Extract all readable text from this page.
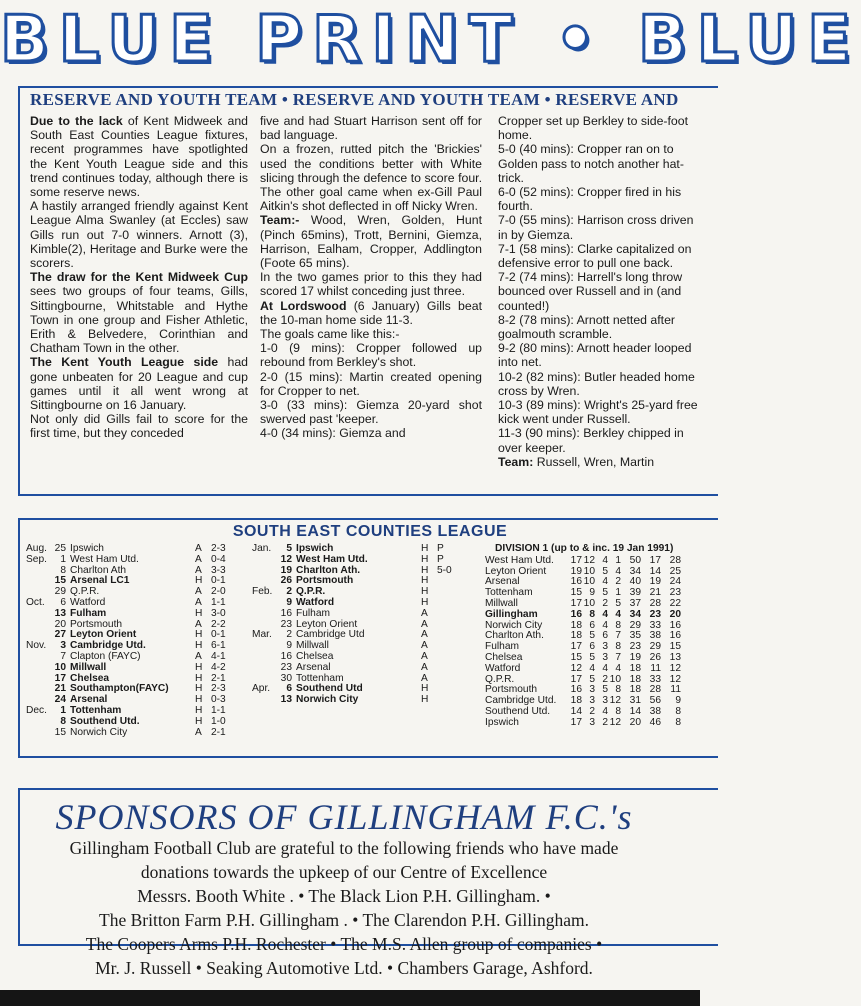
BLUE PRINT • BLUE
RESERVE AND YOUTH TEAM • RESERVE AND YOUTH TEAM • RESERVE AND

Due to the lack of Kent Midweek and South East Counties League fixtures, recent programmes have spotlighted the Kent Youth League side and this trend continues today, although there is some reserve news.

A hastily arranged friendly against Kent League Alma Swanley (at Eccles) saw Gills run out 7-0 winners. Arnott (3), Kimble(2), Heritage and Burke were the scorers.

The draw for the Kent Midweek Cup sees two groups of four teams, Gills, Sittingbourne, Whitstable and Hythe Town in one group and Fisher Athletic, Erith & Belvedere, Corinthian and Chatham Town in the other.

The Kent Youth League side had gone unbeaten for 20 League and cup games until it all went wrong at Sittingbourne on 16 January.

Not only did Gills fail to score for the first time, but they conceded

five and had Stuart Harrison sent off for bad language.

On a frozen, rutted pitch the 'Brickies' used the conditions better with White slicing through the defence to score four. The other goal came when ex-Gill Paul Aitkin's shot deflected in off Nicky Wren.

Team:- Wood, Wren, Golden, Hunt (Pinch 65mins), Trott, Bernini, Giemza, Harrison, Ealham, Cropper, Addlington (Foote 65 mins).

In the two games prior to this they had scored 17 whilst conceding just three.

At Lordswood (6 January) Gills beat the 10-man home side 11-3.

The goals came like this:-

1-0 (9 mins): Cropper followed up rebound from Berkley's shot.

2-0 (15 mins): Martin created opening for Cropper to net.

3-0 (33 mins): Giemza 20-yard shot swerved past 'keeper.

4-0 (34 mins): Giemza and

Cropper set up Berkley to side-foot home.

5-0 (40 mins): Cropper ran on to Golden pass to notch another hat-trick.

6-0 (52 mins): Cropper fired in his fourth.

7-0 (55 mins): Harrison cross driven in by Giemza.

7-1 (58 mins): Clarke capitalized on defensive error to pull one back.

7-2 (74 mins): Harrell's long throw bounced over Russell and in (and counted!)

8-2 (78 mins): Arnott netted after goalmouth scramble.

9-2 (80 mins): Arnott header looped into net.

10-2 (82 mins): Butler headed home cross by Wren.

10-3 (89 mins): Wright's 25-yard free kick went under Russell.

11-3 (90 mins): Berkley chipped in over keeper.

Team: Russell, Wren, Martin

SOUTH EAST COUNTIES LEAGUE
Aug. 25 Ipswich	A 2-3
Sep.	1 West Ham Utd.	A 0-4
8 Charlton Ath	A 3-3
15 Arsenal LC1	H 0-1
29 Q.P.R.	A 2-0
Oct.	6 Watford	A 1-1
13 Fulham	H 3-0
20 Portsmouth	A 2-2
27 Leyton Orient	H 0-1
Nov.	3 Cambridge Utd.	H 6-1
7 Clapton (FAYC)	A 4-1
10 Millwall	H 4-2
17 Chelsea	H 2-1
21 Southampton(FAYC)	H 2-3
24 Arsenal	H 0-3
Dec.	1 Tottenham	H 1-1
8 Southend Utd.	H 1-0
15 Norwich City	A 2-1
Jan.	5 Ipswich	H P
12 West Ham Utd.	H P
19 Charlton Ath.	H 5-0
26 Portsmouth	H
Feb.	2 Q.P.R.	H
9 Watford	H
16 Fulham	A
23 Leyton Orient	A
Mar.	2 Cambridge Utd	A
9 Millwall	A
16 Chelsea	A
23 Arsenal	A
30 Tottenham	A
Apr.	6 Southend Utd	H
13 Norwich City	H
DIVISION 1 (up to & inc. 19 Jan 1991)
West Ham Utd.	17 12 4 1 50 17 28
Leyton Orient	19 10 5 4 34 14 25
Arsenal	16 10 4 2 40 19 24
Tottenham	15 9 5 1 39 21 23
Millwall	17 10 2 5 37 28 22
Gillingham	16 8 4 4 34 23 20
Norwich City	18 6 4 8 29 33 16
Charlton Ath.	18 5 6 7 35 38 16
Fulham	17 6 3 8 23 29 15
Chelsea	15 5 3 7 19 26 13
Watford	12 4 4 4 18 11 12
Q.P.R.	17 5 2 10 18 33 12
Portsmouth	16 3 5 8 18 28 11
Cambridge Utd.	18 3 3 12 31 56	9
Southend Utd.	14 2 4 8 14 38	8
Ipswich	17 3 2 12 20 46	8
SPONSORS OF GILLINGHAM F.C.'s
Gillingham Football Club are grateful to the following friends who have made
donations towards the upkeep of our Centre of Excellence
Messrs. Booth White . • The Black Lion P.H. Gillingham. •
The Britton Farm P.H. Gillingham . • The Clarendon P.H. Gillingham.
The Coopers Arms P.H. Rochester • The M.S. Allen group of companies •
Mr. J. Russell • Seaking Automotive Ltd. • Chambers Garage, Ashford.
